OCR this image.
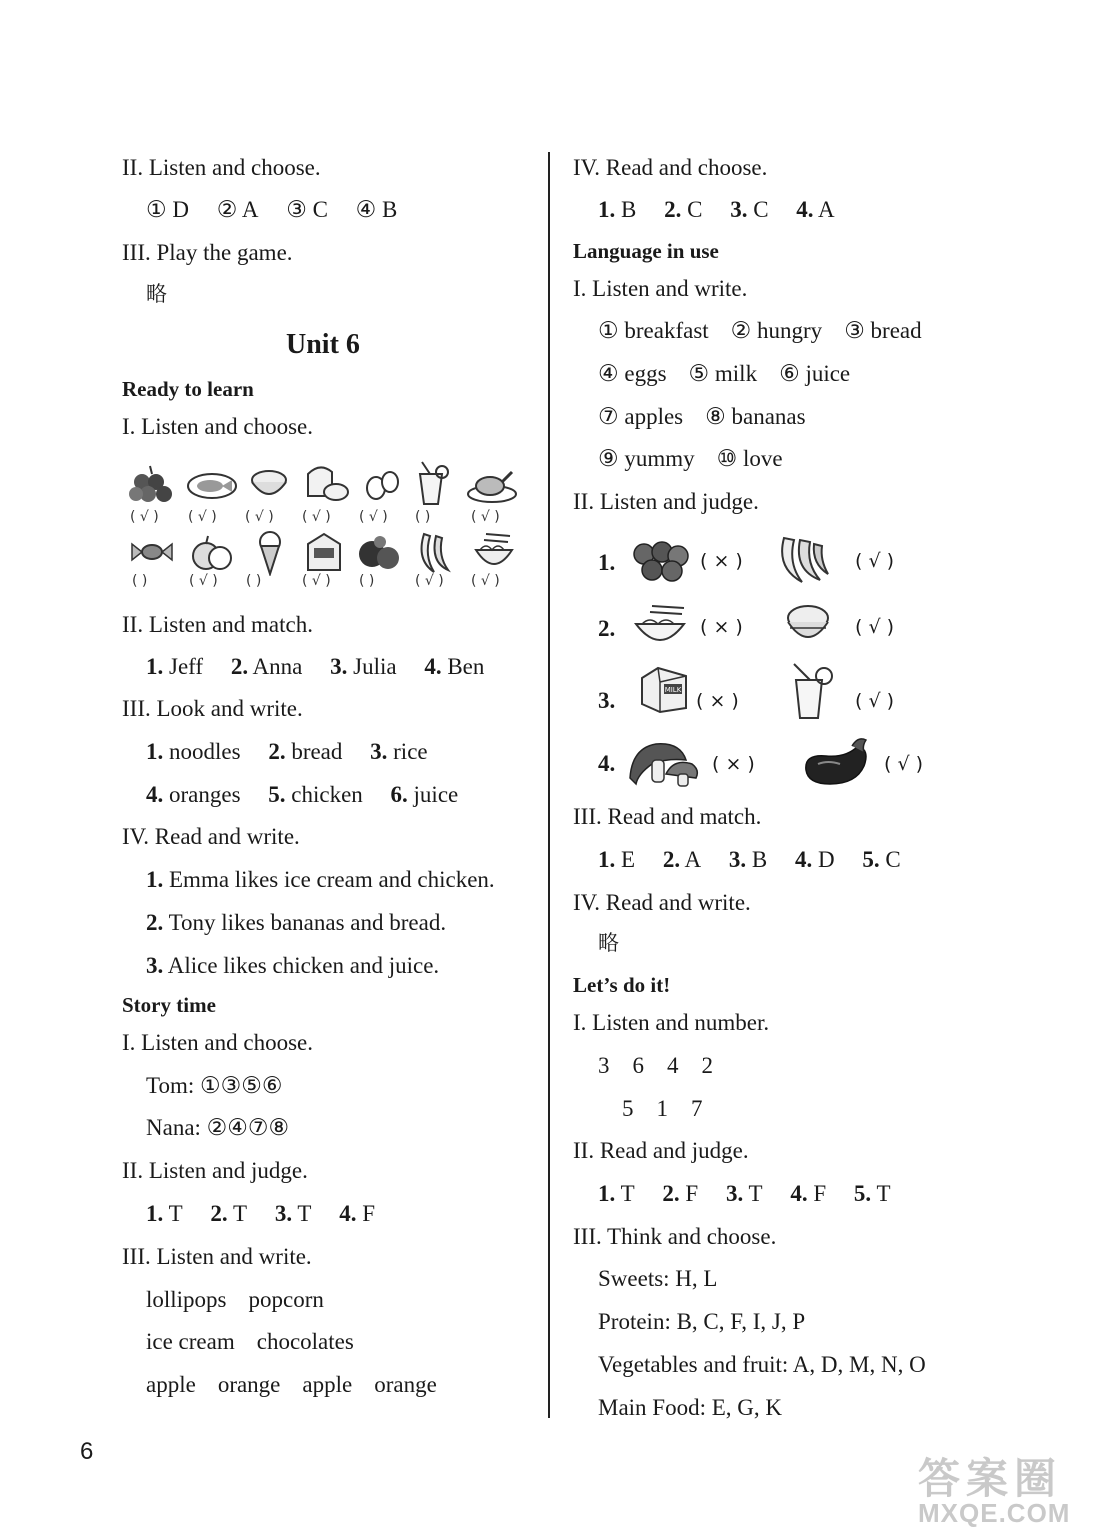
II. Listen and choose.
① D ② A ③ C ④ B
III. Play the game.
略
Unit 6
Ready to learn
I. Listen and choose.
( √ ) ( √ ) ( √ ) ( √ ) ( √ ) ( )	( √ )
( )	( √ ) ( )	( √ ) ( )	( √ ) ( √ )
II. Listen and match.
1. Jeff 2. Anna 3. Julia 4. Ben
III. Look and write.
1. noodles 2. bread 3. rice
4. oranges 5. chicken 6. juice
IV. Read and write.
1. Emma likes ice cream and chicken.
2. Tony likes bananas and bread.
3. Alice likes chicken and juice.
Story time
I. Listen and choose.
Tom: ①③⑤⑥
Nana: ②④⑦⑧
II. Listen and judge.
1. T 2. T 3. T 4. F
III. Listen and write.
lollipops popcorn
ice cream chocolates
apple orange apple orange
IV. Read and choose.
1. B 2. C 3. C 4. A
Language in use
I. Listen and write.
① breakfast ② hungry ③ bread
④ eggs ⑤ milk ⑥ juice
⑦ apples ⑧ bananas
⑨ yummy ⑩ love
II. Listen and judge.
1.	( × )	( √ )
2.	( × )	( √ )
3.	MILK ( × )	( √ )
4.	( × )	( √ )
III. Read and match.
1. E 2. A 3. B 4. D 5. C
IV. Read and write.
略
Let’s do it!
I. Listen and number.
3    6    4    2
5    1    7
II. Read and judge.
1. T 2. F 3. T 4. F 5. T
III. Think and choose.
Sweets: H, L
Protein: B, C, F, I, J, P
Vegetables and fruit: A, D, M, N, O
Main Food: E, G, K
6
答案圈
MXQE.COM
